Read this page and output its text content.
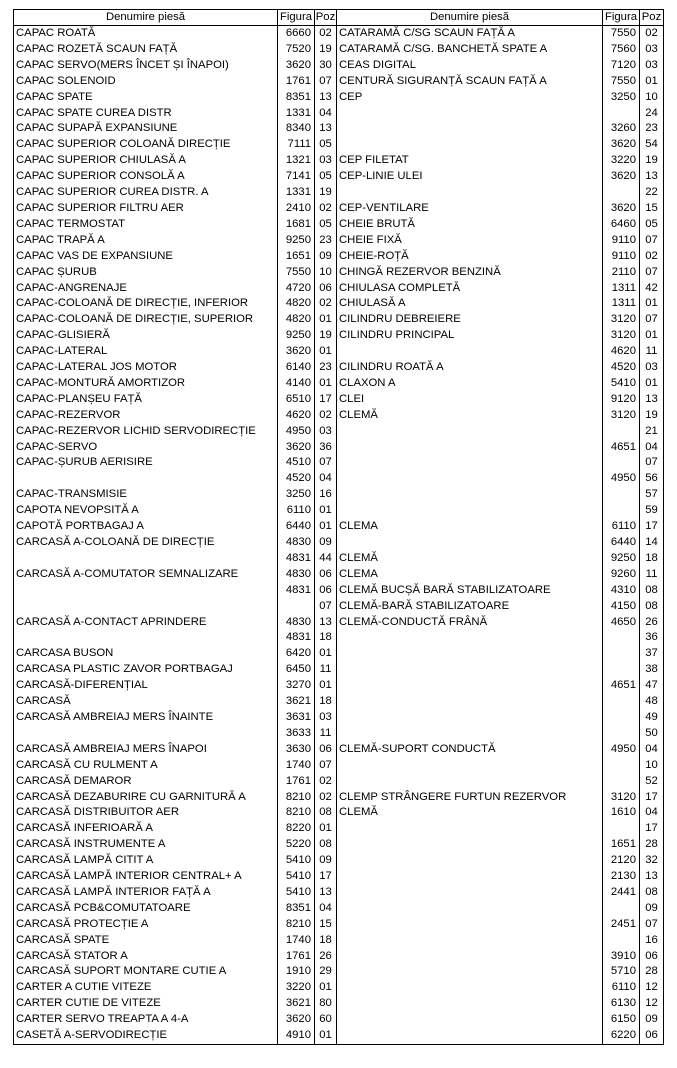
Denumire piesă	Figura	Poz	Denumire piesă	Figura	Poz
CAPAC ROATĂ	6660	02	CATARAMĂ C/SG SCAUN FAȚĂ A	7550	02
CAPAC ROZETĂ SCAUN FAȚĂ	7520	19	CATARAMĂ C/SG. BANCHETĂ SPATE A	7560	03
CAPAC SERVO(MERS ÎNCET ȘI ÎNAPOI)	3620	30	CEAS DIGITAL	7120	03
CAPAC SOLENOID	1761	07	CENTURĂ SIGURANȚĂ SCAUN FAȚĂ A	7550	01
CAPAC SPATE	8351	13	CEP	3250	10
CAPAC SPATE CUREA DISTR	1331	04			24
CAPAC SUPAPĂ EXPANSIUNE	8340	13		3260	23
CAPAC SUPERIOR COLOANĂ DIRECȚIE	7111	05		3620	54
CAPAC SUPERIOR CHIULASĂ A	1321	03	CEP FILETAT	3220	19
CAPAC SUPERIOR CONSOLĂ A	7141	05	CEP-LINIE ULEI	3620	13
CAPAC SUPERIOR CUREA DISTR. A	1331	19			22
CAPAC SUPERIOR FILTRU AER	2410	02	CEP-VENTILARE	3620	15
CAPAC TERMOSTAT	1681	05	CHEIE BRUTĂ	6460	05
CAPAC TRAPĂ A	9250	23	CHEIE FIXĂ	9110	07
CAPAC VAS DE EXPANSIUNE	1651	09	CHEIE-ROȚĂ	9110	02
CAPAC ȘURUB	7550	10	CHINGĂ REZERVOR BENZINĂ	2110	07
CAPAC-ANGRENAJE	4720	06	CHIULASA COMPLETĂ	1311	42
CAPAC-COLOANĂ DE DIRECȚIE, INFERIOR	4820	02	CHIULASĂ A	1311	01
CAPAC-COLOANĂ DE DIRECȚIE, SUPERIOR	4820	01	CILINDRU DEBREIERE	3120	07
CAPAC-GLISIERĂ	9250	19	CILINDRU PRINCIPAL	3120	01
CAPAC-LATERAL	3620	01		4620	11
CAPAC-LATERAL JOS MOTOR	6140	23	CILINDRU ROATĂ A	4520	03
CAPAC-MONTURĂ AMORTIZOR	4140	01	CLAXON A	5410	01
CAPAC-PLANȘEU FAȚĂ	6510	17	CLEI	9120	13
CAPAC-REZERVOR	4620	02	CLEMĂ	3120	19
CAPAC-REZERVOR LICHID SERVODIRECȚIE	4950	03			21
CAPAC-SERVO	3620	36		4651	04
CAPAC-ȘURUB AERISIRE	4510	07			07
	4520	04		4950	56
CAPAC-TRANSMISIE	3250	16			57
CAPOTA NEVOPSITĂ A	6110	01			59
CAPOTĂ PORTBAGAJ A	6440	01	CLEMA	6110	17
CARCASĂ A-COLOANĂ DE DIRECȚIE	4830	09		6440	14
	4831	44	CLEMĂ	9250	18
CARCASĂ A-COMUTATOR SEMNALIZARE	4830	06	CLEMA	9260	11
	4831	06	CLEMĂ BUCȘĂ BARĂ STABILIZATOARE	4310	08
		07	CLEMĂ-BARĂ STABILIZATOARE	4150	08
CARCASĂ A-CONTACT APRINDERE	4830	13	CLEMĂ-CONDUCTĂ FRÂNĂ	4650	26
	4831	18			36
CARCASA BUSON	6420	01			37
CARCASA PLASTIC ZAVOR PORTBAGAJ	6450	11			38
CARCASĂ-DIFERENȚIAL	3270	01		4651	47
CARCASĂ	3621	18			48
CARCASĂ AMBREIAJ MERS ÎNAINTE	3631	03			49
	3633	11			50
CARCASĂ AMBREIAJ MERS ÎNAPOI	3630	06	CLEMĂ-SUPORT CONDUCTĂ	4950	04
CARCASĂ CU RULMENT A	1740	07			10
CARCASĂ DEMAROR	1761	02			52
CARCASĂ DEZABURIRE CU GARNITURĂ A	8210	02	CLEMP STRÂNGERE FURTUN REZERVOR	3120	17
CARCASĂ DISTRIBUITOR AER	8210	08	CLEMĂ	1610	04
CARCASĂ INFERIOARĂ A	8220	01			17
CARCASĂ INSTRUMENTE A	5220	08		1651	28
CARCASĂ LAMPĂ CITIT A	5410	09		2120	32
CARCASĂ LAMPĂ INTERIOR CENTRAL+ A	5410	17		2130	13
CARCASĂ LAMPĂ INTERIOR FAȚĂ A	5410	13		2441	08
CARCASĂ PCB&COMUTATOARE	8351	04			09
CARCASĂ PROTECȚIE A	8210	15		2451	07
CARCASĂ SPATE	1740	18			16
CARCASĂ STATOR A	1761	26		3910	06
CARCASĂ SUPORT MONTARE CUTIE A	1910	29		5710	28
CARTER A CUTIE VITEZE	3220	01		6110	12
CARTER CUTIE DE VITEZE	3621	80		6130	12
CARTER SERVO TREAPTA A 4-A	3620	60		6150	09
CASETĂ A-SERVODIRECȚIE	4910	01		6220	06
